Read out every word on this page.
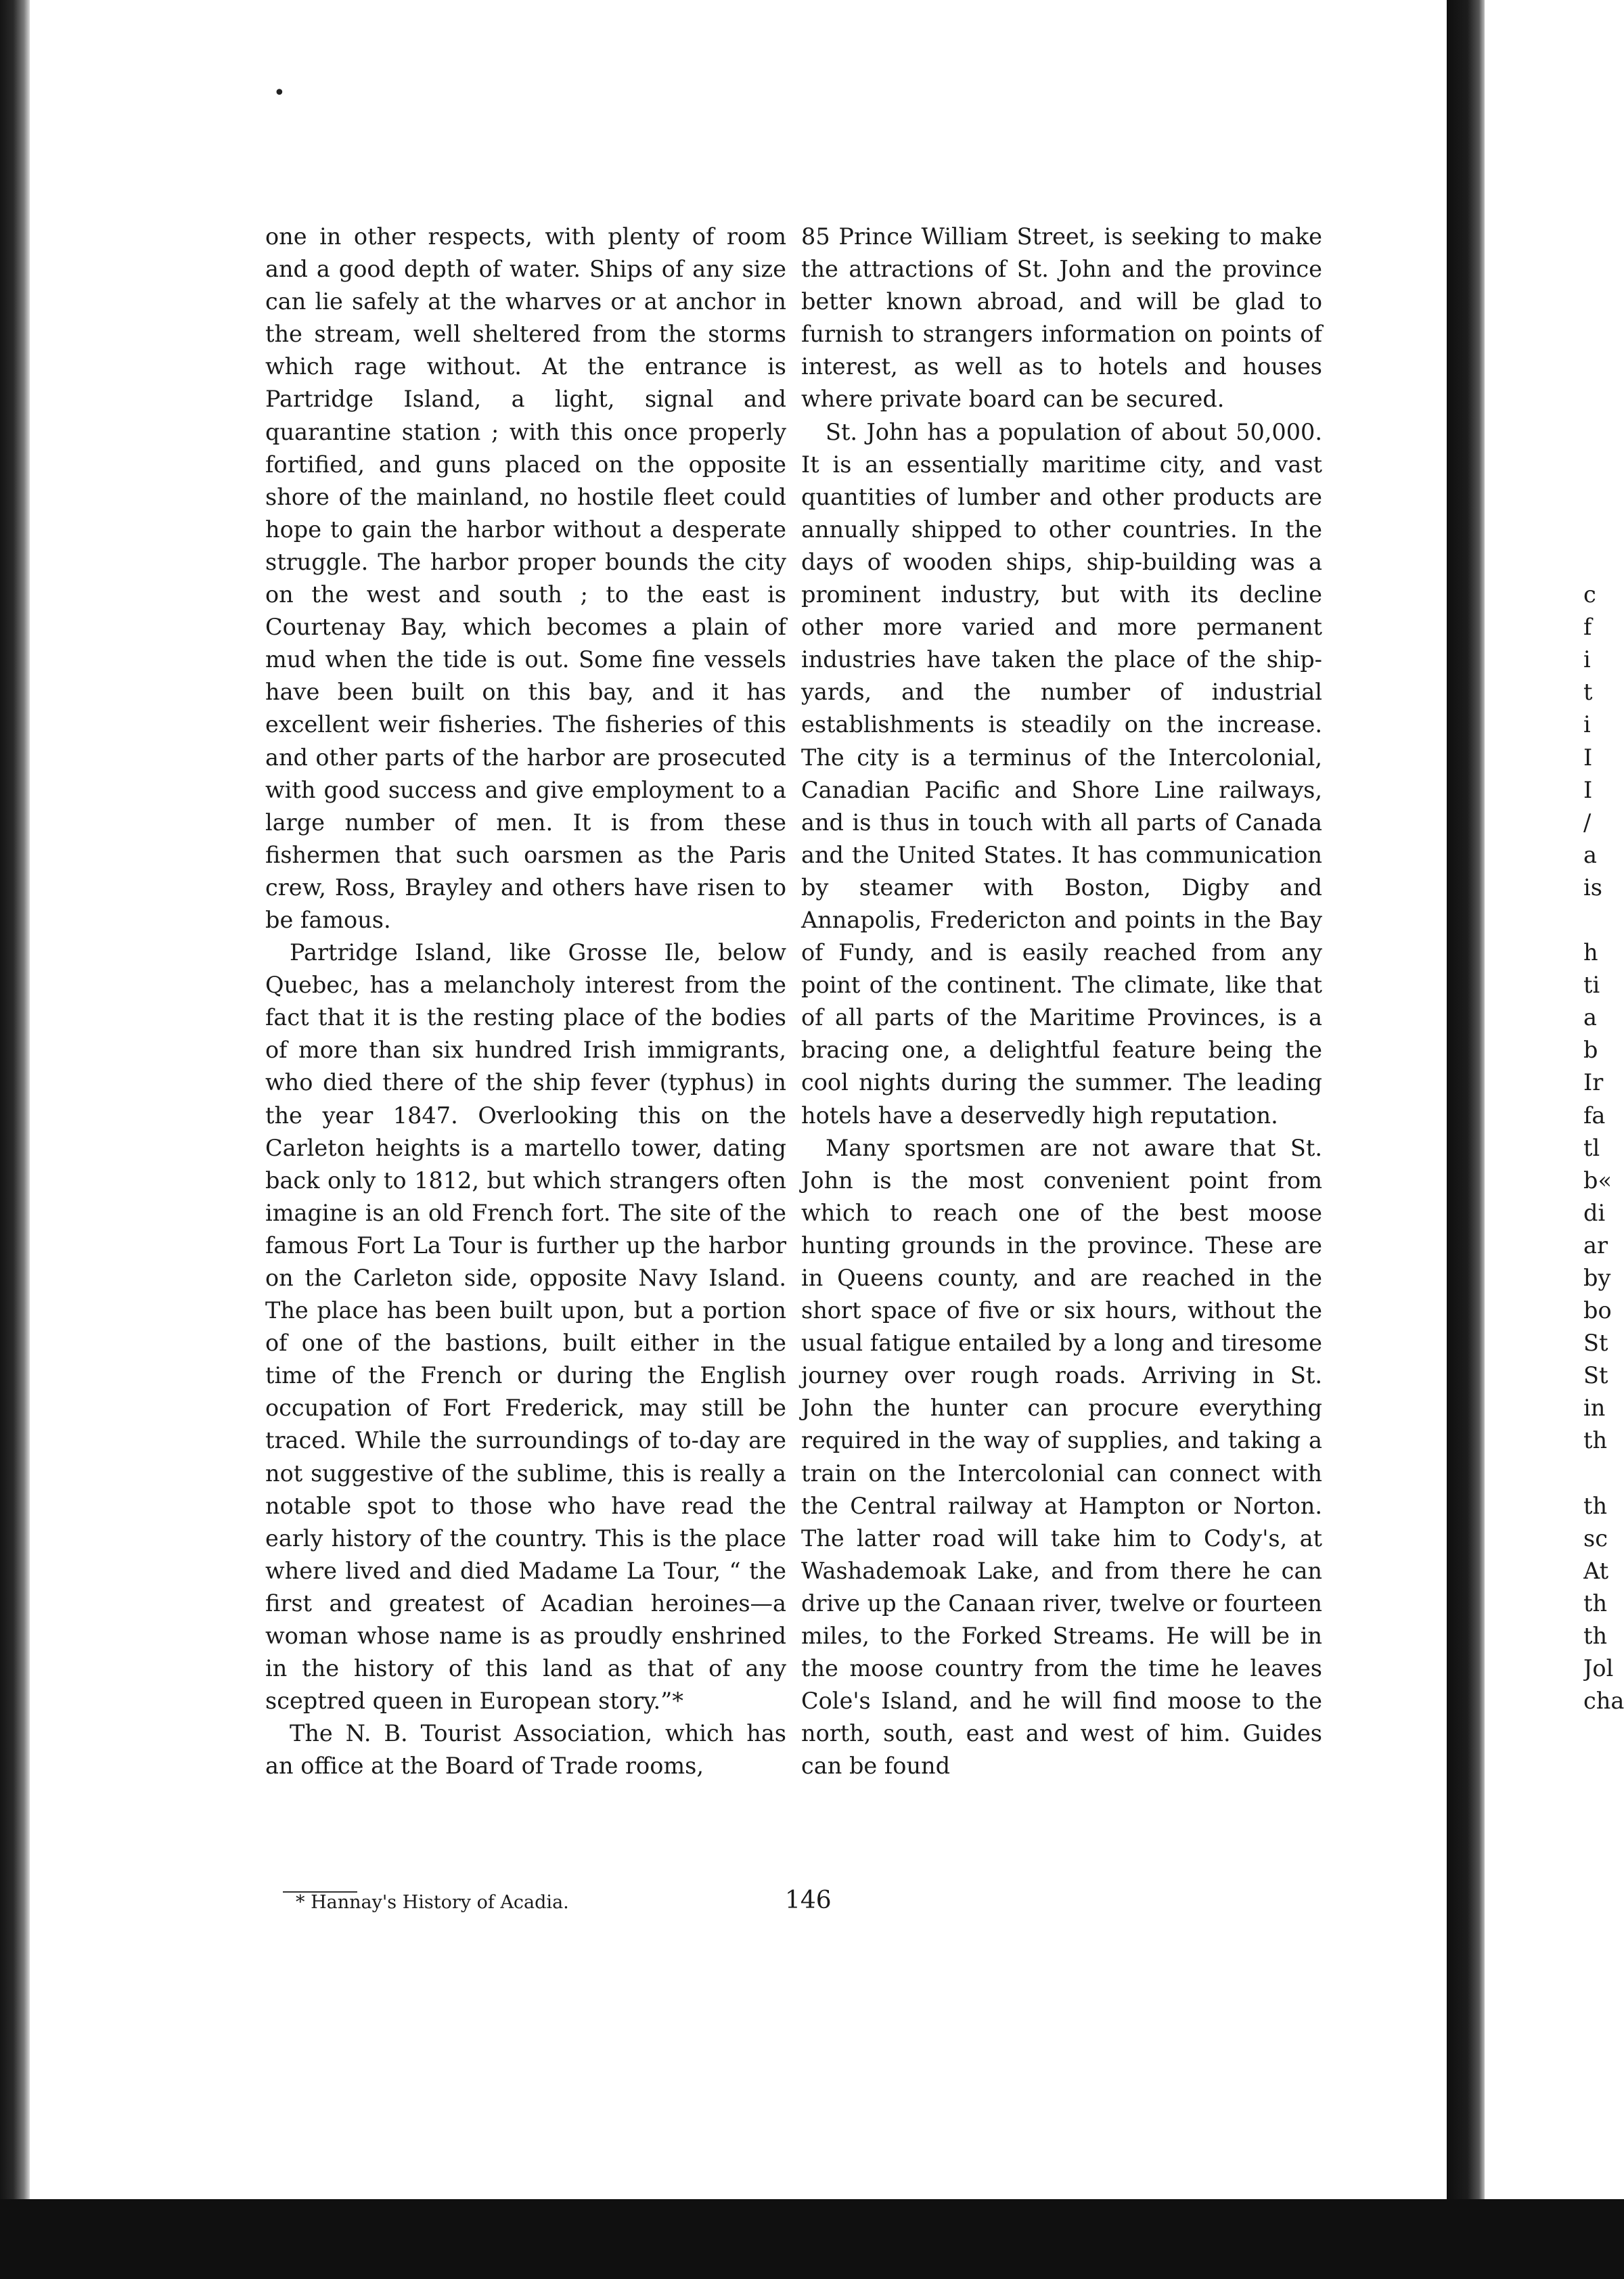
•

one in other respects, with plenty of room and a good depth of water. Ships of any size can lie safely at the wharves or at anchor in the stream, well sheltered from the storms which rage without. At the entrance is Partridge Island, a light, signal and quarantine station ; with this once properly fortified, and guns placed on the opposite shore of the mainland, no hostile fleet could hope to gain the harbor without a desperate struggle. The harbor proper bounds the city on the west and south ; to the east is Courtenay Bay, which becomes a plain of mud when the tide is out. Some fine vessels have been built on this bay, and it has excellent weir fisheries. The fisheries of this and other parts of the harbor are prosecuted with good success and give employment to a large number of men. It is from these fishermen that such oarsmen as the Paris crew, Ross, Brayley and others have risen to be famous.

Partridge Island, like Grosse Ile, below Quebec, has a melancholy interest from the fact that it is the resting place of the bodies of more than six hundred Irish immigrants, who died there of the ship fever (typhus) in the year 1847. Overlooking this on the Carleton heights is a martello tower, dating back only to 1812, but which strangers often imagine is an old French fort. The site of the famous Fort La Tour is further up the harbor on the Carleton side, opposite Navy Island. The place has been built upon, but a portion of one of the bastions, built either in the time of the French or during the English occupation of Fort Frederick, may still be traced. While the surroundings of to-day are not suggestive of the sublime, this is really a notable spot to those who have read the early history of the country. This is the place where lived and died Madame La Tour, “ the first and greatest of Acadian heroines—a woman whose name is as proudly enshrined in the history of this land as that of any sceptred queen in European story.”*

The N. B. Tourist Association, which has an office at the Board of Trade rooms,

85 Prince William Street, is seeking to make the attractions of St. John and the province better known abroad, and will be glad to furnish to strangers information on points of interest, as well as to hotels and houses where private board can be secured.

St. John has a population of about 50,000. It is an essentially maritime city, and vast quantities of lumber and other products are annually shipped to other countries. In the days of wooden ships, ship-building was a prominent industry, but with its decline other more varied and more permanent industries have taken the place of the ship-yards, and the number of industrial establishments is steadily on the increase. The city is a terminus of the Intercolonial, Canadian Pacific and Shore Line railways, and is thus in touch with all parts of Canada and the United States. It has communication by steamer with Boston, Digby and Annapolis, Fredericton and points in the Bay of Fundy, and is easily reached from any point of the continent. The climate, like that of all parts of the Maritime Provinces, is a bracing one, a delightful feature being the cool nights during the summer. The leading hotels have a deservedly high reputation.

Many sportsmen are not aware that St. John is the most convenient point from which to reach one of the best moose hunting grounds in the province. These are in Queens county, and are reached in the short space of five or six hours, without the usual fatigue entailed by a long and tiresome journey over rough roads. Arriving in St. John the hunter can procure everything required in the way of supplies, and taking a train on the Intercolonial can connect with the Central railway at Hampton or Norton. The latter road will take him to Cody's, at Washademoak Lake, and from there he can drive up the Canaan river, twelve or fourteen miles, to the Forked Streams. He will be in the moose country from the time he leaves Cole's Island, and he will find moose to the north, south, east and west of him. Guides can be found

c
f
i
t
i
I
I
/
a
is
h
ti
a
b
Ir
fa
tl
b«
di
ar
by
bo
St
St
in
th
th
sc
At
th
th
Jol
cha
* Hannay's History of Acadia.	146
